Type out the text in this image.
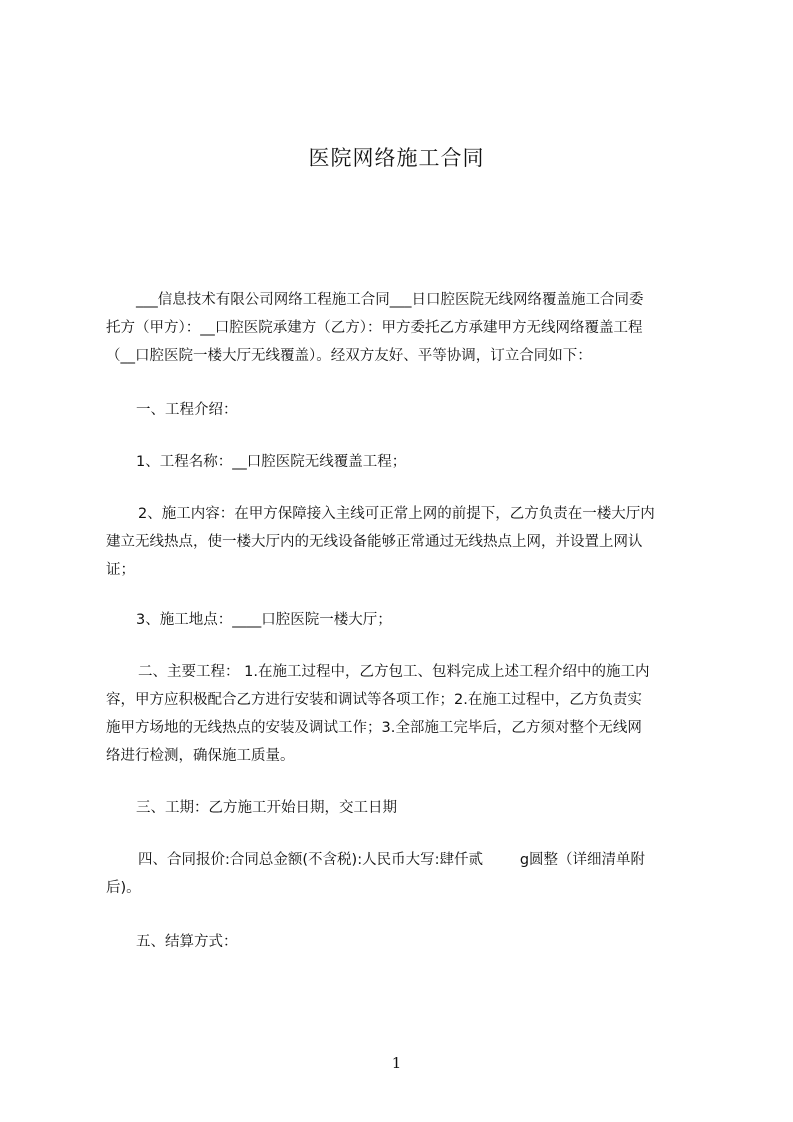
医院网络施工合同
___信息技术有限公司网络工程施工合同___日口腔医院无线网络覆盖施工合同委
托方（甲方）：__口腔医院承建方（乙方）：甲方委托乙方承建甲方无线网络覆盖工程
（__口腔医院一楼大厅无线覆盖）。经双方友好、平等协调，订立合同如下：
一、工程介绍：
1、工程名称：__口腔医院无线覆盖工程；
2、施工内容：在甲方保障接入主线可正常上网的前提下，乙方负责在一楼大厅内
建立无线热点，使一楼大厅内的无线设备能够正常通过无线热点上网，并设置上网认
证；
3、施工地点：____口腔医院一楼大厅；
二、主要工程： 1.在施工过程中，乙方包工、包料完成上述工程介绍中的施工内
容，甲方应积极配合乙方进行安装和调试等各项工作；2.在施工过程中，乙方负责实
施甲方场地的无线热点的安装及调试工作；3.全部施工完毕后，乙方须对整个无线网
络进行检测，确保施工质量。
三、工期：乙方施工开始日期，交工日期
四、合同报价:合同总金额(不含税):人民币大写:肆仟贰        g圆整（详细清单附
后)。
五、结算方式：
1
